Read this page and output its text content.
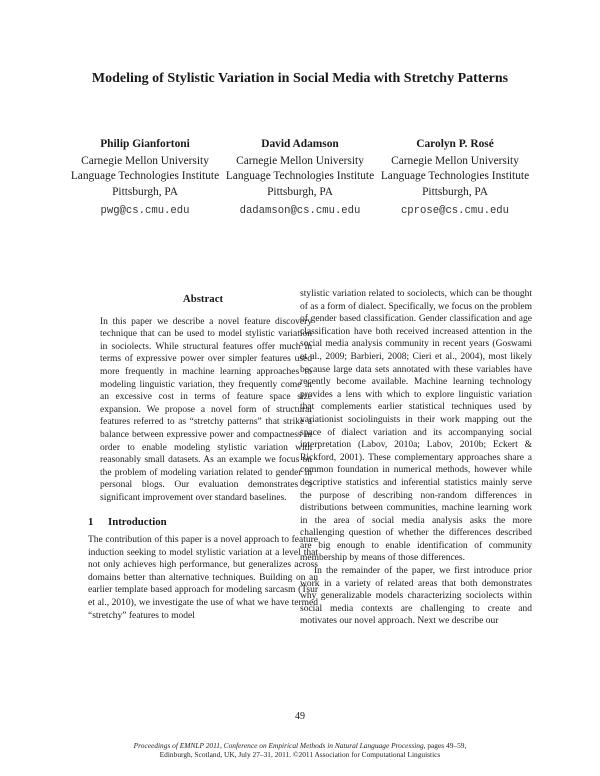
Modeling of Stylistic Variation in Social Media with Stretchy Patterns
Philip Gianfortoni
Carnegie Mellon University
Language Technologies Institute
Pittsburgh, PA
pwg@cs.cmu.edu
David Adamson
Carnegie Mellon University
Language Technologies Institute
Pittsburgh, PA
dadamson@cs.cmu.edu
Carolyn P. Rosé
Carnegie Mellon University
Language Technologies Institute
Pittsburgh, PA
cprose@cs.cmu.edu
Abstract
In this paper we describe a novel feature discovery technique that can be used to model stylistic variation in sociolects. While structural features offer much in terms of expressive power over simpler features used more frequently in machine learning approaches to modeling linguistic variation, they frequently come at an excessive cost in terms of feature space size expansion. We propose a novel form of structural features referred to as “stretchy patterns” that strike a balance between expressive power and compactness in order to enable modeling stylistic variation with reasonably small datasets. As an example we focus on the problem of modeling variation related to gender in personal blogs. Our evaluation demonstrates a significant improvement over standard baselines.
1 Introduction

The contribution of this paper is a novel approach to feature induction seeking to model stylistic variation at a level that not only achieves high performance, but generalizes across domains better than alternative techniques. Building on an earlier template based approach for modeling sarcasm (Tsur et al., 2010), we investigate the use of what we have termed “stretchy” features to model

stylistic variation related to sociolects, which can be thought of as a form of dialect. Specifically, we focus on the problem of gender based classification. Gender classification and age classification have both received increased attention in the social media analysis community in recent years (Goswami et al., 2009; Barbieri, 2008; Cieri et al., 2004), most likely because large data sets annotated with these variables have recently become available. Machine learning technology provides a lens with which to explore linguistic variation that complements earlier statistical techniques used by variationist sociolinguists in their work mapping out the space of dialect variation and its accompanying social interpretation (Labov, 2010a; Labov, 2010b; Eckert & Rickford, 2001). These complementary approaches share a common foundation in numerical methods, however while descriptive statistics and inferential statistics mainly serve the purpose of describing non-random differences in distributions between communities, machine learning work in the area of social media analysis asks the more challenging question of whether the differences described are big enough to enable identification of community membership by means of those differences.

In the remainder of the paper, we first introduce prior work in a variety of related areas that both demonstrates why generalizable models characterizing sociolects within social media contexts are challenging to create and motivates our novel approach. Next we describe our

49
Proceedings of EMNLP 2011, Conference on Empirical Methods in Natural Language Processing, pages 49–59,
Edinburgh, Scotland, UK, July 27–31, 2011. ©2011 Association for Computational Linguistics
